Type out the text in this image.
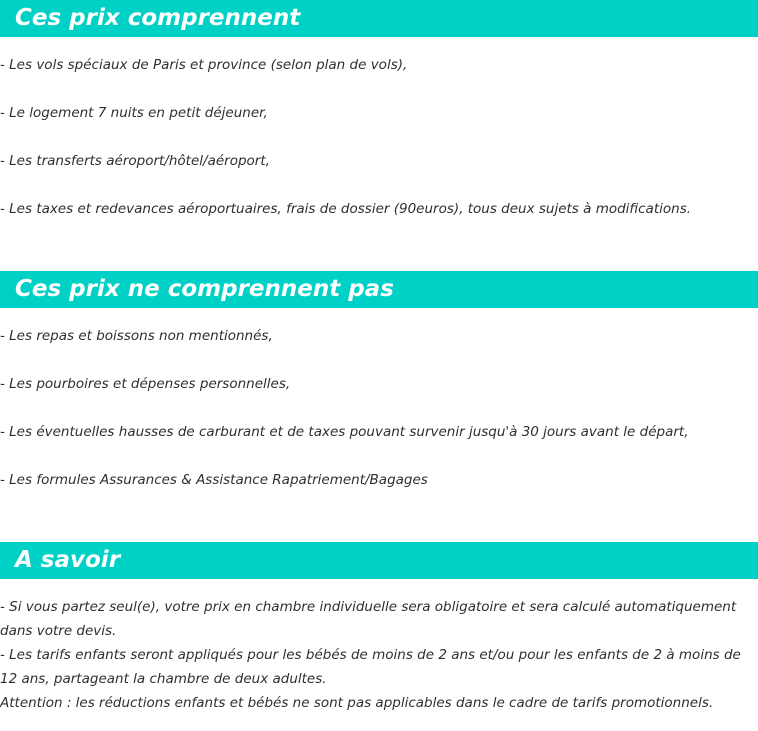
Ces prix comprennent
- Les vols spéciaux de Paris et province (selon plan de vols),
- Le logement 7 nuits en petit déjeuner,
- Les transferts aéroport/hôtel/aéroport,
- Les taxes et redevances aéroportuaires, frais de dossier (90euros), tous deux sujets à modifications.
Ces prix ne comprennent pas
- Les repas et boissons non mentionnés,
- Les pourboires et dépenses personnelles,
- Les éventuelles hausses de carburant et de taxes pouvant survenir jusqu'à 30 jours avant le départ,
- Les formules Assurances & Assistance Rapatriement/Bagages
A savoir
- Si vous partez seul(e), votre prix en chambre individuelle sera obligatoire et sera calculé automatiquement dans votre devis.
- Les tarifs enfants seront appliqués pour les bébés de moins de 2 ans et/ou pour les enfants de 2 à moins de 12 ans, partageant la chambre de deux adultes.
Attention : les réductions enfants et bébés ne sont pas applicables dans le cadre de tarifs promotionnels.
